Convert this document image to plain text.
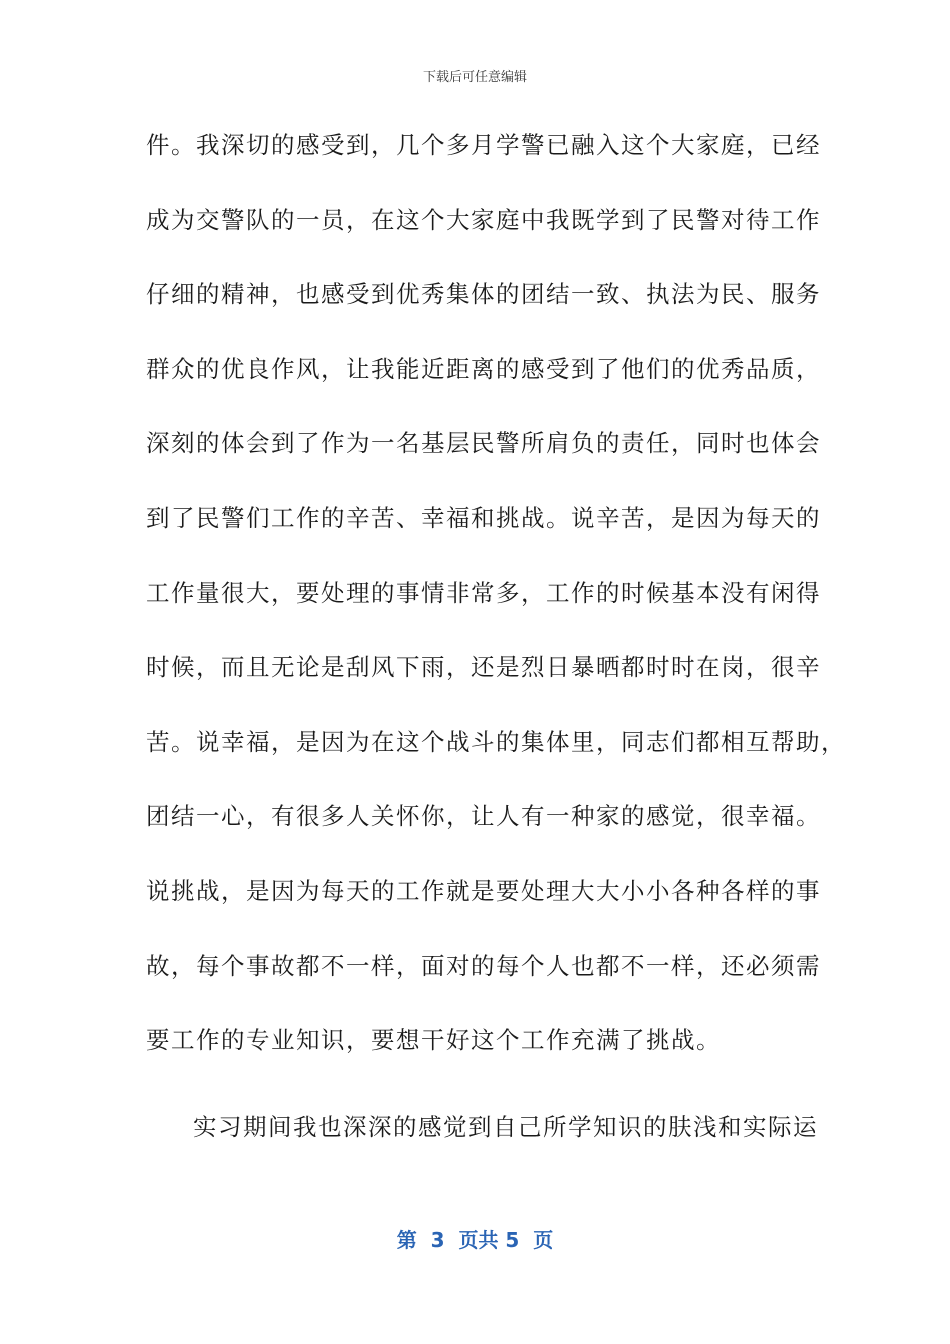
下载后可任意编辑
件。我深切的感受到，几个多月学警已融入这个大家庭，已经
成为交警队的一员，在这个大家庭中我既学到了民警对待工作
仔细的精神，也感受到优秀集体的团结一致、执法为民、服务
群众的优良作风，让我能近距离的感受到了他们的优秀品质，
深刻的体会到了作为一名基层民警所肩负的责任，同时也体会
到了民警们工作的辛苦、幸福和挑战。说辛苦，是因为每天的
工作量很大，要处理的事情非常多，工作的时候基本没有闲得
时候，而且无论是刮风下雨，还是烈日暴晒都时时在岗，很辛
苦。说幸福，是因为在这个战斗的集体里，同志们都相互帮助，
团结一心，有很多人关怀你，让人有一种家的感觉，很幸福。
说挑战，是因为每天的工作就是要处理大大小小各种各样的事
故，每个事故都不一样，面对的每个人也都不一样，还必须需
要工作的专业知识，要想干好这个工作充满了挑战。
实习期间我也深深的感觉到自己所学知识的肤浅和实际运
第  3  页共 5  页
